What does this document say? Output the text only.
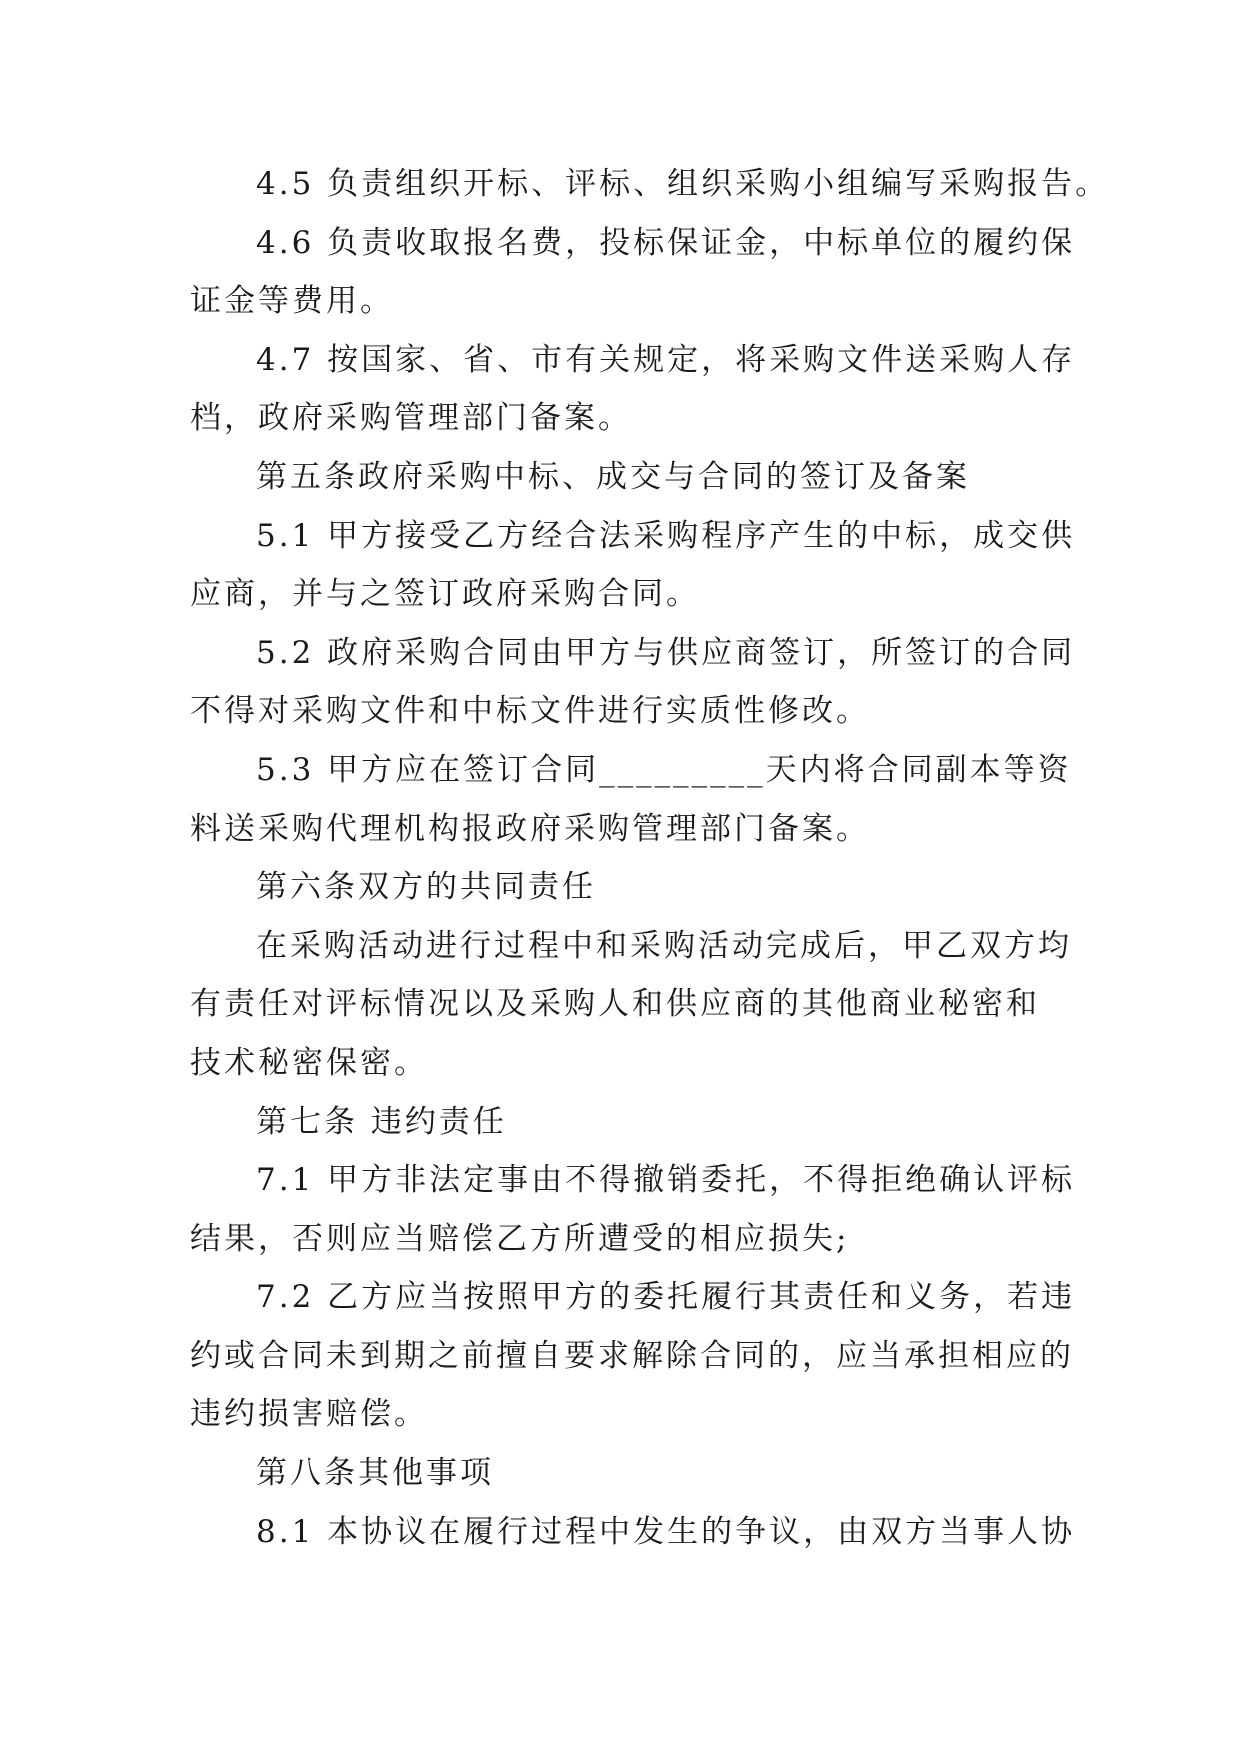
4.5 负责组织开标、评标、组织采购小组编写采购报告。
4.6 负责收取报名费，投标保证金，中标单位的履约保
证金等费用。
4.7 按国家、省、市有关规定，将采购文件送采购人存
档，政府采购管理部门备案。
第五条政府采购中标、成交与合同的签订及备案
5.1 甲方接受乙方经合法采购程序产生的中标，成交供
应商，并与之签订政府采购合同。
5.2 政府采购合同由甲方与供应商签订，所签订的合同
不得对采购文件和中标文件进行实质性修改。
5.3 甲方应在签订合同_________天内将合同副本等资
料送采购代理机构报政府采购管理部门备案。
第六条双方的共同责任
在采购活动进行过程中和采购活动完成后，甲乙双方均
有责任对评标情况以及采购人和供应商的其他商业秘密和
技术秘密保密。
第七条 违约责任
7.1 甲方非法定事由不得撤销委托，不得拒绝确认评标
结果，否则应当赔偿乙方所遭受的相应损失;
7.2 乙方应当按照甲方的委托履行其责任和义务，若违
约或合同未到期之前擅自要求解除合同的，应当承担相应的
违约损害赔偿。
第八条其他事项
8.1 本协议在履行过程中发生的争议，由双方当事人协
